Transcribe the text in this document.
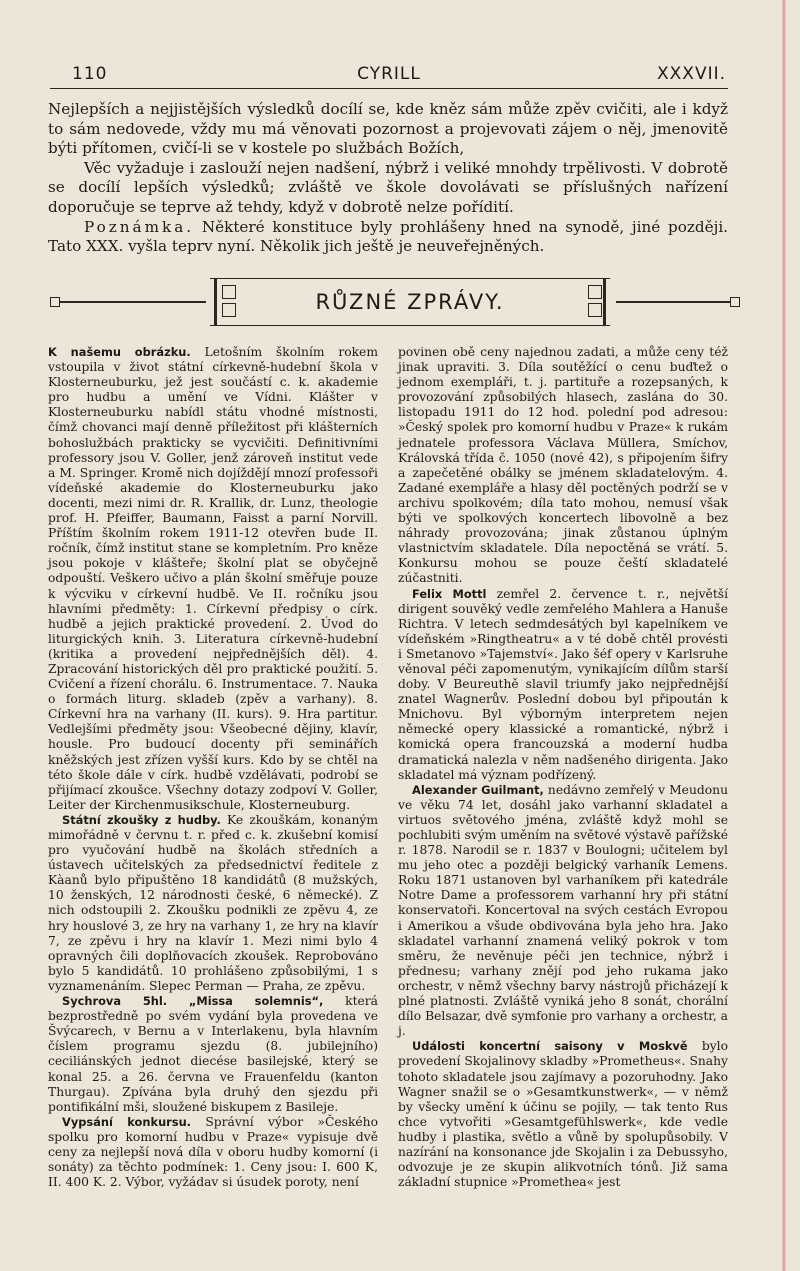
110	CYRILL	XXXVII.

Nejlepších a nejjistějších výsledků docílí se, kde kněz sám může zpěv cvičiti, ale i když to sám nedovede, vždy mu má věnovati pozornost a projevovati zájem o něj, jmenovitě býti přítomen, cvičí-li se v kostele po službách Božích,

Věc vyžaduje i zaslouží nejen nadšení, nýbrž i veliké mnohdy trpělivosti. V dobrotě se docílí lepších výsledků; zvláště ve škole dovolávati se příslušných nařízení doporučuje se teprve až tehdy, když v dobrotě nelze pořídití.

Poznámka. Některé konstituce byly prohlášeny hned na synodě, jiné později. Tato XXX. vyšla teprv nyní. Několik jich ještě je neuveřejněných.

RŮZNÉ ZPRÁVY.

K našemu obrázku. Letošním školním rokem vstoupila v život státní církevně-hudební škola v Klosterneuburku, jež jest součástí c. k. akademie pro hudbu a umění ve Vídni. Klášter v Klosterneuburku nabídl státu vhodné místnosti, čímž chovanci mají denně příležitost při klášterních bohoslužbách prakticky se vycvičiti. Definitivními professory jsou V. Goller, jenž zároveň institut vede a M. Springer. Kromě nich dojíždějí mnozí professoři vídeňské akademie do Klosterneuburku jako docenti, mezi nimi dr. R. Krallik, dr. Lunz, theologie prof. H. Pfeiffer, Baumann, Faisst a parní Norvill. Příštím školním rokem 1911-12 otevřen bude II. ročník, čímž institut stane se kompletním. Pro kněze jsou pokoje v klášteře; školní plat se obyčejně odpouští. Veškero učivo a plán školní směřuje pouze k výcviku v církevní hudbě. Ve II. ročníku jsou hlavními předměty: 1. Církevní předpisy o círk. hudbě a jejich praktické provedení. 2. Úvod do liturgických knih. 3. Literatura církevně-hudební (kritika a provedení nejpřednějších děl). 4. Zpracování historických děl pro praktické použití. 5. Cvičení a řízení chorálu. 6. Instrumentace. 7. Nauka o formách liturg. skladeb (zpěv a varhany). 8. Církevní hra na varhany (II. kurs). 9. Hra partitur. Vedlejšími předměty jsou: Všeobecné dějiny, klavír, housle. Pro budoucí docenty při seminářích kněžských jest zřízen vyšší kurs. Kdo by se chtěl na této škole dále v círk. hudbě vzdělávati, podrobí se přijímací zkoušce. Všechny dotazy zodpoví V. Goller, Leiter der Kirchenmusikschule, Klosterneuburg.

Státní zkoušky z hudby. Ke zkouškám, konaným mimořádně v červnu t. r. před c. k. zkušební komisí pro vyučování hudbě na školách středních a ústavech učitelských za předsednictví ředitele z Kàanů bylo připuštěno 18 kandidátů (8 mužských, 10 ženských, 12 národnosti české, 6 německé). Z nich odstoupili 2. Zkoušku podnikli ze zpěvu 4, ze hry houslové 3, ze hry na varhany 1, ze hry na klavír 7, ze zpěvu i hry na klavír 1. Mezi nimi bylo 4 opravných čili doplňovacích zkoušek. Reprobováno bylo 5 kandidátů. 10 prohlášeno způsobilými, 1 s vyznamenáním. Slepec Perman — Praha, ze zpěvu.

Sychrova 5hl. „Missa solemnis“, která bezprostředně po svém vydání byla provedena ve Švýcarech, v Bernu a v Interlakenu, byla hlavním číslem programu sjezdu (8. jubilejního) ceciliánských jednot diecése basilejské, který se konal 25. a 26. června ve Frauenfeldu (kanton Thurgau). Zpívána byla druhý den sjezdu při pontifikální mši, sloužené biskupem z Basileje.

Vypsání konkursu. Správní výbor »Českého spolku pro komorní hudbu v Praze« vypisuje dvě ceny za nejlepší nová díla v oboru hudby komorní (i sonáty) za těchto podmínek: 1. Ceny jsou: I. 600 K, II. 400 K. 2. Výbor, vyžádav si úsudek poroty, není

povinen obě ceny najednou zadati, a může ceny též jinak upraviti. 3. Díla soutěžící o cenu buďtež o jednom exempláři, t. j. partituře a rozepsaných, k provozování způsobilých hlasech, zaslána do 30. listopadu 1911 do 12 hod. polední pod adresou: »Český spolek pro komorní hudbu v Praze« k rukám jednatele professora Václava Müllera, Smíchov, Královská třída č. 1050 (nové 42), s připojením šifry a zapečetěné obálky se jménem skladatelovým. 4. Zadané exempláře a hlasy děl poctěných podrží se v archivu spolkovém; díla tato mohou, nemusí však býti ve spolkových koncertech libovolně a bez náhrady provozována; jinak zůstanou úplným vlastnictvím skladatele. Díla nepoctěná se vrátí. 5. Konkursu mohou se pouze čeští skladatelé zúčastniti.

Felix Mottl zemřel 2. července t. r., největší dirigent souvěký vedle zemřelého Mahlera a Hanuše Richtra. V letech sedmdesátých byl kapelníkem ve vídeňském »Ringtheatru« a v té době chtěl provésti i Smetanovo »Tajemství«. Jako šéf opery v Karlsruhe věnoval péči zapomenutým, vynikajícím dílům starší doby. V Beureuthě slavil triumfy jako nejpřednější znatel Wagnerův. Poslední dobou byl připoután k Mnichovu. Byl výborným interpretem nejen německé opery klassické a romantické, nýbrž i komická opera francouzská a moderní hudba dramatická nalezla v něm nadšeného dirigenta. Jako skladatel má význam podřízený.

Alexander Guilmant, nedávno zemřelý v Meudonu ve věku 74 let, dosáhl jako varhanní skladatel a virtuos světového jména, zvláště když mohl se pochlubiti svým uměním na světové výstavě pařížské r. 1878. Narodil se r. 1837 v Boulogni; učitelem byl mu jeho otec a později belgický varhaník Lemens. Roku 1871 ustanoven byl varhaníkem při katedrále Notre Dame a professorem varhanní hry při státní konservatoři. Koncertoval na svých cestách Evropou i Amerikou a všude obdivována byla jeho hra. Jako skladatel varhanní znamená veliký pokrok v tom směru, že nevěnuje péči jen technice, nýbrž i přednesu; varhany znějí pod jeho rukama jako orchestr, v němž všechny barvy nástrojů přicházejí k plné platnosti. Zvláště vyniká jeho 8 sonát, chorální dílo Belsazar, dvě symfonie pro varhany a orchestr, a j.

Události koncertní saisony v Moskvě bylo provedení Skojalinovy skladby »Prometheus«. Snahy tohoto skladatele jsou zajímavy a pozoruhodny. Jako Wagner snažil se o »Gesamtkunstwerk«, — v němž by všecky umění k účinu se pojily, — tak tento Rus chce vytvořiti »Gesamtgefühlswerk«, kde vedle hudby i plastika, světlo a vůně by spolupůsobily. V nazírání na konsonance jde Skojalin i za Debussyho, odvozuje je ze skupin alikvotních tónů. Již sama základní stupnice »Promethea« jest
